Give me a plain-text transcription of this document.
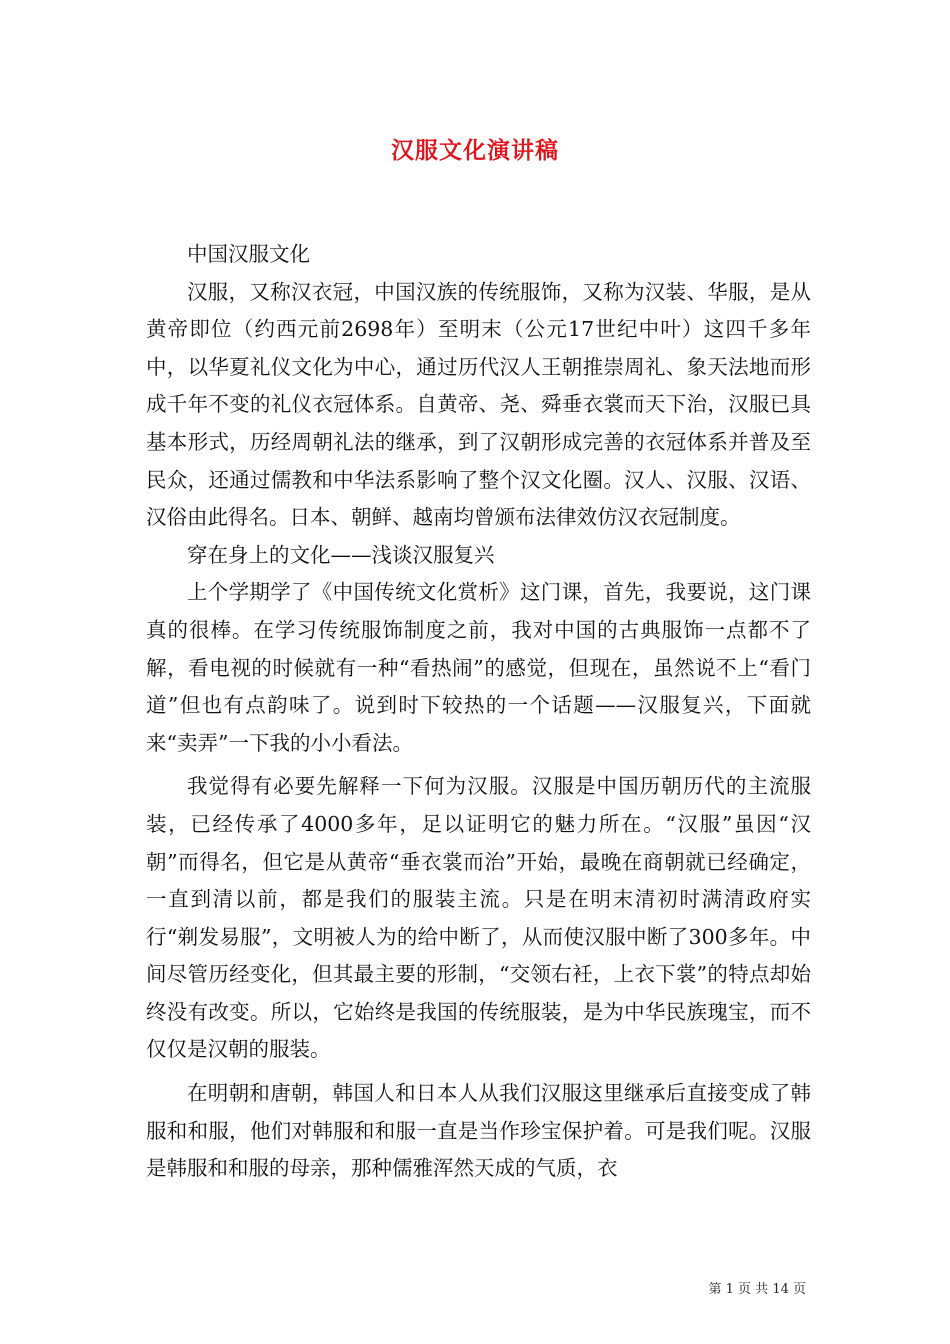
汉服文化演讲稿

中国汉服文化

汉服，又称汉衣冠，中国汉族的传统服饰，又称为汉装、华服，是从黄帝即位（约西元前2698年）至明末（公元17世纪中叶）这四千多年中，以华夏礼仪文化为中心，通过历代汉人王朝推崇周礼、象天法地而形成千年不变的礼仪衣冠体系。自黄帝、尧、舜垂衣裳而天下治，汉服已具基本形式，历经周朝礼法的继承，到了汉朝形成完善的衣冠体系并普及至民众，还通过儒教和中华法系影响了整个汉文化圈。汉人、汉服、汉语、汉俗由此得名。日本、朝鲜、越南均曾颁布法律效仿汉衣冠制度。

穿在身上的文化——浅谈汉服复兴

上个学期学了《中国传统文化赏析》这门课，首先，我要说，这门课真的很棒。在学习传统服饰制度之前，我对中国的古典服饰一点都不了解，看电视的时候就有一种“看热闹”的感觉，但现在，虽然说不上“看门道”但也有点韵味了。说到时下较热的一个话题——汉服复兴，下面就来“卖弄”一下我的小小看法。

我觉得有必要先解释一下何为汉服。汉服是中国历朝历代的主流服装，已经传承了4000多年，足以证明它的魅力所在。“汉服”虽因“汉朝”而得名，但它是从黄帝“垂衣裳而治”开始，最晚在商朝就已经确定，一直到清以前，都是我们的服装主流。只是在明末清初时满清政府实行“剃发易服”，文明被人为的给中断了，从而使汉服中断了300多年。中间尽管历经变化，但其最主要的形制，“交领右衽，上衣下裳”的特点却始终没有改变。所以，它始终是我国的传统服装，是为中华民族瑰宝，而不仅仅是汉朝的服装。

在明朝和唐朝，韩国人和日本人从我们汉服这里继承后直接变成了韩服和和服，他们对韩服和和服一直是当作珍宝保护着。可是我们呢。汉服是韩服和和服的母亲，那种儒雅浑然天成的气质，衣

第 1 页 共 14 页
